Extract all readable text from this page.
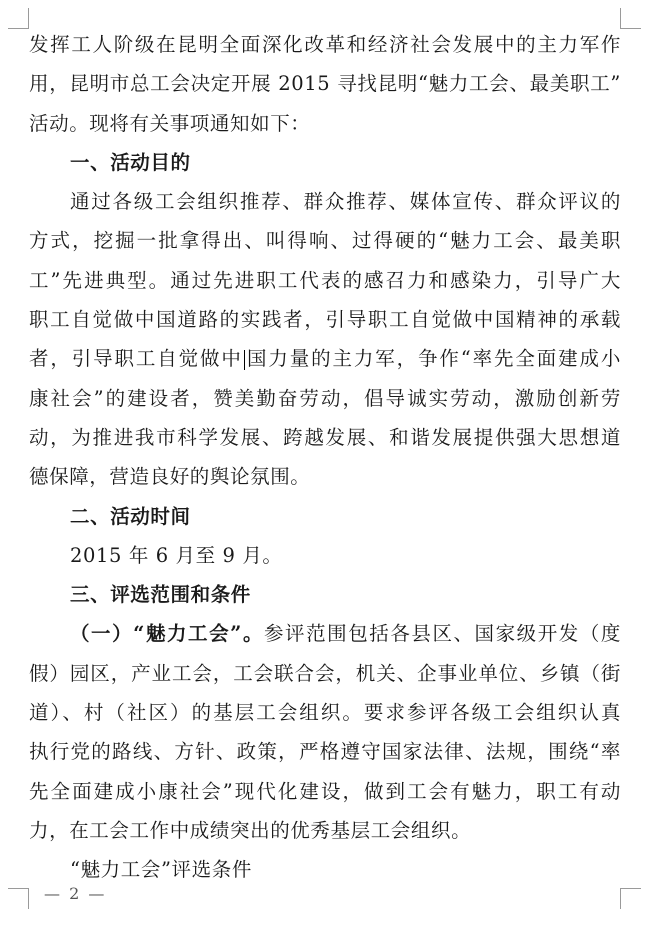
发挥工人阶级在昆明全面深化改革和经济社会发展中的主力军作
用，昆明市总工会决定开展 2015 寻找昆明“魅力工会、最美职工”
活动。现将有关事项通知如下：
一、活动目的
通过各级工会组织推荐、群众推荐、媒体宣传、群众评议的
方式，挖掘一批拿得出、叫得响、过得硬的“魅力工会、最美职
工”先进典型。通过先进职工代表的感召力和感染力，引导广大
职工自觉做中国道路的实践者，引导职工自觉做中国精神的承载
者，引导职工自觉做中 国力量的主力军，争作“率先全面建成小
康社会”的建设者，赞美勤奋劳动，倡导诚实劳动，激励创新劳
动，为推进我市科学发展、跨越发展、和谐发展提供强大思想道
德保障，营造良好的舆论氛围。
二、活动时间
2015 年 6 月至 9 月。
三、评选范围和条件
（一）“魅力工会”。参评范围包括各县区、国家级开发（度
假）园区，产业工会，工会联合会，机关、企事业单位、乡镇（街
道）、村（社区）的基层工会组织。要求参评各级工会组织认真
执行党的路线、方针、政策，严格遵守国家法律、法规，围绕“率
先全面建成小康社会”现代化建设，做到工会有魅力，职工有动
力，在工会工作中成绩突出的优秀基层工会组织。
“魅力工会”评选条件
— 2 —
